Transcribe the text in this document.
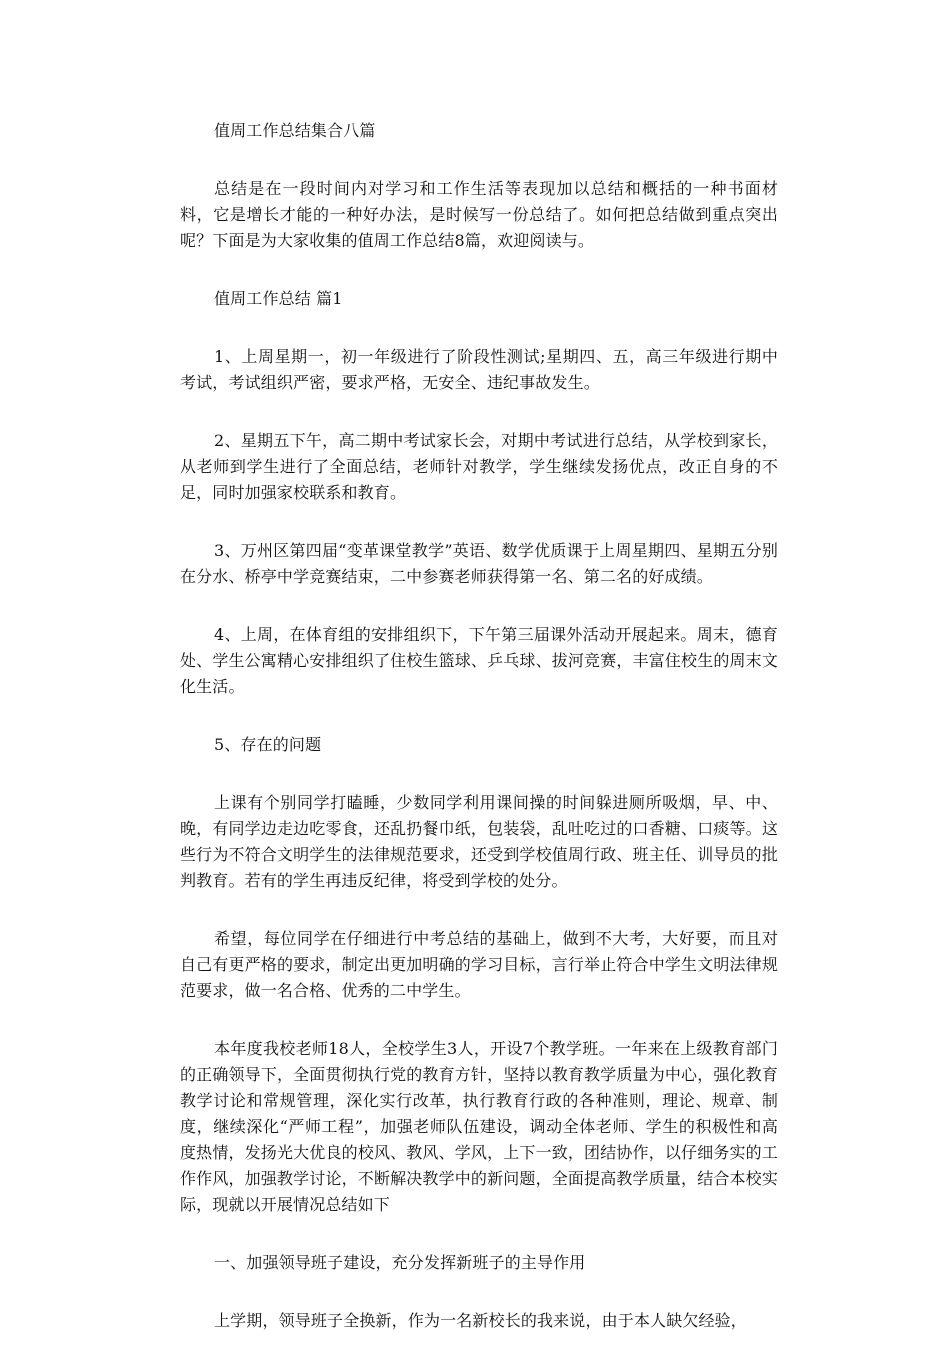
值周工作总结集合八篇

总结是在一段时间内对学习和工作生活等表现加以总结和概括的一种书面材料，它是增长才能的一种好办法，是时候写一份总结了。如何把总结做到重点突出呢？下面是为大家收集的值周工作总结8篇，欢迎阅读与。

值周工作总结 篇1

1、上周星期一，初一年级进行了阶段性测试;星期四、五，高三年级进行期中考试，考试组织严密，要求严格，无安全、违纪事故发生。

2、星期五下午，高二期中考试家长会，对期中考试进行总结，从学校到家长，从老师到学生进行了全面总结，老师针对教学，学生继续发扬优点，改正自身的不足，同时加强家校联系和教育。

3、万州区第四届“变革课堂教学”英语、数学优质课于上周星期四、星期五分别在分水、桥亭中学竞赛结束，二中参赛老师获得第一名、第二名的好成绩。

4、上周，在体育组的安排组织下，下午第三届课外活动开展起来。周末，德育处、学生公寓精心安排组织了住校生篮球、乒乓球、拔河竞赛，丰富住校生的周末文化生活。

5、存在的问题

上课有个别同学打瞌睡，少数同学利用课间操的时间躲进厕所吸烟，早、中、晚，有同学边走边吃零食，还乱扔餐巾纸，包装袋，乱吐吃过的口香糖、口痰等。这些行为不符合文明学生的法律规范要求，还受到学校值周行政、班主任、训导员的批判教育。若有的学生再违反纪律，将受到学校的处分。

希望，每位同学在仔细进行中考总结的基础上，做到不大考，大好要，而且对自己有更严格的要求，制定出更加明确的学习目标，言行举止符合中学生文明法律规范要求，做一名合格、优秀的二中学生。

本年度我校老师18人，全校学生3人，开设7个教学班。一年来在上级教育部门的正确领导下，全面贯彻执行党的教育方针，坚持以教育教学质量为中心，强化教育教学讨论和常规管理，深化实行改革，执行教育行政的各种准则，理论、规章、制度，继续深化“严师工程”，加强老师队伍建设，调动全体老师、学生的积极性和高度热情，发扬光大优良的校风、教风、学风，上下一致，团结协作，以仔细务实的工作作风，加强教学讨论，不断解决教学中的新问题，全面提高教学质量，结合本校实际，现就以开展情况总结如下

一、加强领导班子建设，充分发挥新班子的主导作用

上学期，领导班子全换新，作为一名新校长的我来说，由于本人缺欠经验，
